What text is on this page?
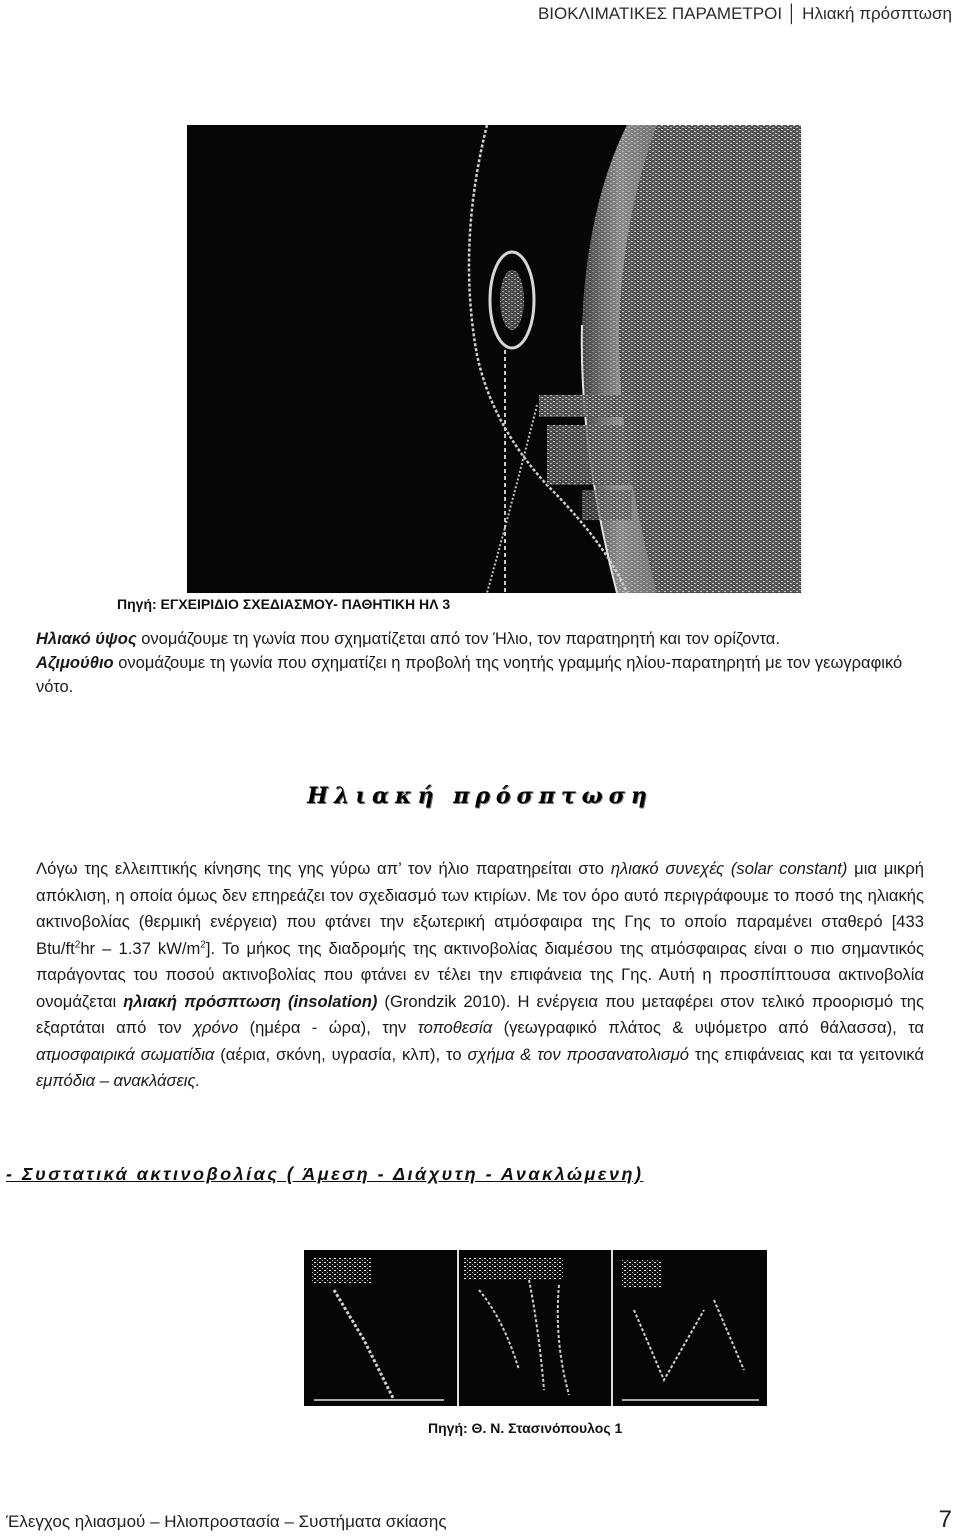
ΒΙΟΚΛΙΜΑΤΙΚΕΣ ΠΑΡΑΜΕΤΡΟΙ │ Ηλιακή πρόσπτωση
Πηγή: ΕΓΧΕΙΡΙΔΙΟ ΣΧΕΔΙΑΣΜΟΥ- ΠΑΘΗΤΙΚΗ ΗΛ 3
Ηλιακό ύψος ονομάζουμε τη γωνία που σχηματίζεται από τον Ήλιο, τον παρατηρητή και τον ορίζοντα.
Αζιμούθιο ονομάζουμε τη γωνία που σχηματίζει η προβολή της νοητής γραμμής ηλίου-παρατηρητή με τον γεωγραφικό νότο.
Ηλιακή πρόσπτωση
Λόγω της ελλειπτικής κίνησης της γης γύρω απ’ τον ήλιο παρατηρείται στο ηλιακό συνεχές (solar constant) μια μικρή απόκλιση, η οποία όμως δεν επηρεάζει τον σχεδιασμό των κτιρίων. Με τον όρο αυτό περιγράφουμε το ποσό της ηλιακής ακτινοβολίας (θερμική ενέργεια) που φτάνει την εξωτερική ατμόσφαιρα της Γης το οποίο παραμένει σταθερό [433 Btu/$ft^2hr - 1.37$ $kW/m^2$]. Το μήκος της διαδρομής της ακτινοβολίας διαμέσου της ατμόσφαιρας είναι ο πιο σημαντικός παράγοντας του ποσού ακτινοβολίας που φτάνει εν τέλει την επιφάνεια της Γης. Αυτή η προσπίπτουσα ακτινοβολία ονομάζεται ηλιακή πρόσπτωση (insolation) (Grondzik 2010). Η ενέργεια που μεταφέρει στον τελικό προορισμό της εξαρτάται από τον χρόνο (ημέρα - ώρα), την τοποθεσία (γεωγραφικό πλάτος & υψόμετρο από θάλασσα), τα ατμοσφαιρικά σωματίδια (αέρια, σκόνη, υγρασία, κλπ), το σχήμα & τον προσανατολισμό της επιφάνειας και τα γειτονικά εμπόδια – ανακλάσεις.
- Συστατικά ακτινοβολίας ( Άμεση - Διάχυτη - Ανακλώμενη)
Πηγή: Θ. Ν. Στασινόπουλος 1
Έλεγχος ηλιασμού – Ηλιοπροστασία – Συστήματα σκίασης	7
